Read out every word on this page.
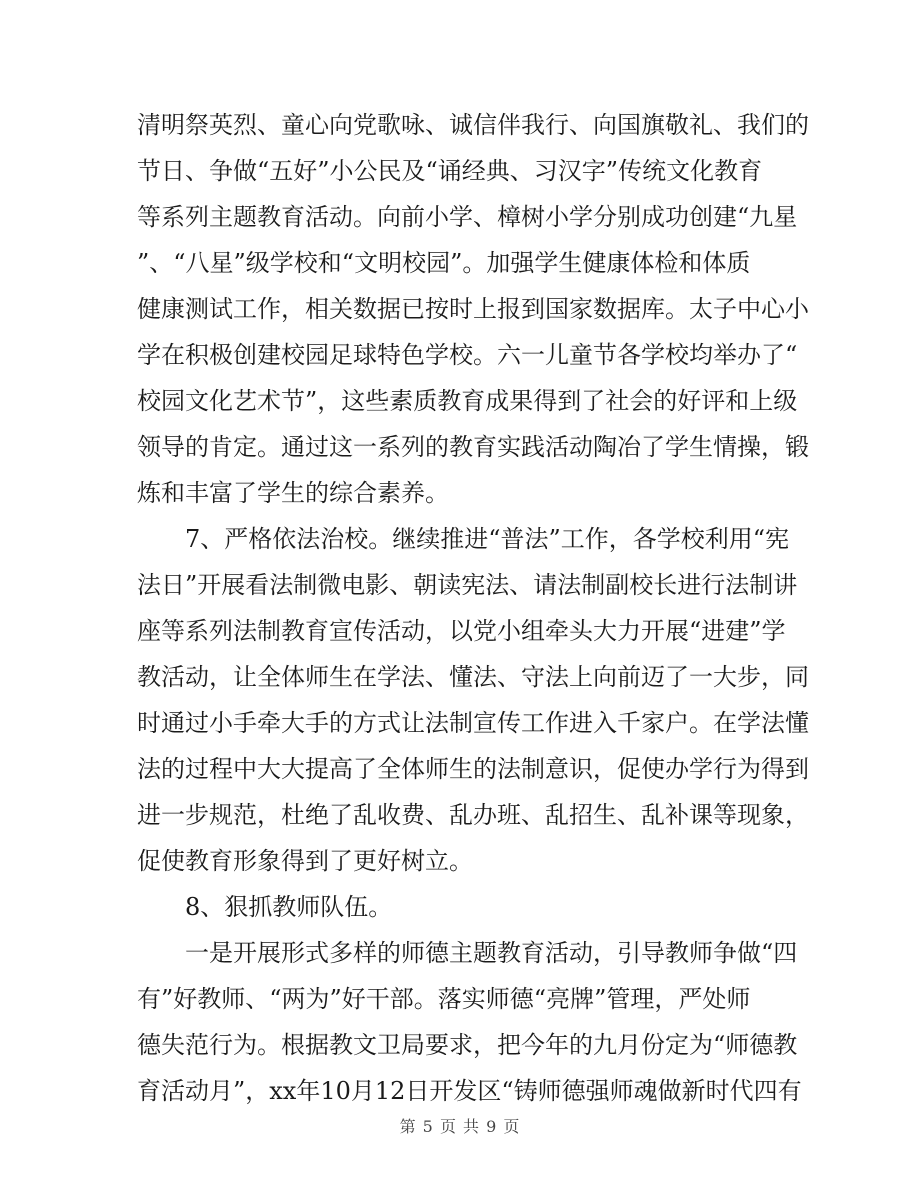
清明祭英烈、童心向党歌咏、诚信伴我行、向国旗敬礼、我们的
节日、争做“五好”小公民及“诵经典、习汉字”传统文化教育
等系列主题教育活动。向前小学、樟树小学分别成功创建“九星
”、“八星”级学校和“文明校园”。加强学生健康体检和体质
健康测试工作，相关数据已按时上报到国家数据库。太子中心小
学在积极创建校园足球特色学校。六一儿童节各学校均举办了“
校园文化艺术节”，这些素质教育成果得到了社会的好评和上级
领导的肯定。通过这一系列的教育实践活动陶冶了学生情操，锻
炼和丰富了学生的综合素养。
　　7、严格依法治校。继续推进“普法”工作，各学校利用“宪
法日”开展看法制微电影、朝读宪法、请法制副校长进行法制讲
座等系列法制教育宣传活动，以党小组牵头大力开展“进建”学
教活动，让全体师生在学法、懂法、守法上向前迈了一大步，同
时通过小手牵大手的方式让法制宣传工作进入千家户。在学法懂
法的过程中大大提高了全体师生的法制意识，促使办学行为得到
进一步规范，杜绝了乱收费、乱办班、乱招生、乱补课等现象，
促使教育形象得到了更好树立。
　　8、狠抓教师队伍。
　　一是开展形式多样的师德主题教育活动，引导教师争做“四
有”好教师、“两为”好干部。落实师德“亮牌”管理，严处师
德失范行为。根据教文卫局要求，把今年的九月份定为“师德教
育活动月”，xx年10月12日开发区“铸师德强师魂做新时代四有
第 5 页 共 9 页
